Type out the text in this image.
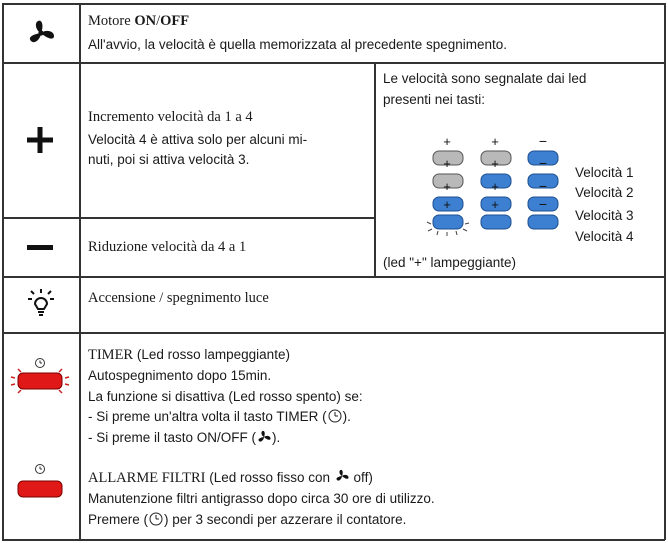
Motore ON/OFF
All'avvio, la velocità è quella memorizzata al precedente spegnimento.
Incremento velocità da 1 a 4
Velocità 4 è attiva solo per alcuni mi-
nuti, poi si attiva velocità 3.
Le velocità sono segnalate dai led
presenti nei tasti:
+
+
+
+
+
+
+
+
−
−
−
−
Velocità 1
Velocità 2
Velocità 3
Velocità 4
(led "+" lampeggiante)
Riduzione velocità da 4 a 1
Accensione / spegnimento luce
TIMER (Led rosso lampeggiante)
Autospegnimento dopo 15min.
La funzione si disattiva (Led rosso spento) se:
- Si preme un'altra volta il tasto TIMER ( ).
- Si preme il tasto ON/OFF ( ).
ALLARME FILTRI (Led rosso fisso con  off)
Manutenzione filtri antigrasso dopo circa 30 ore di utilizzo.
Premere ( ) per 3 secondi per azzerare il contatore.
